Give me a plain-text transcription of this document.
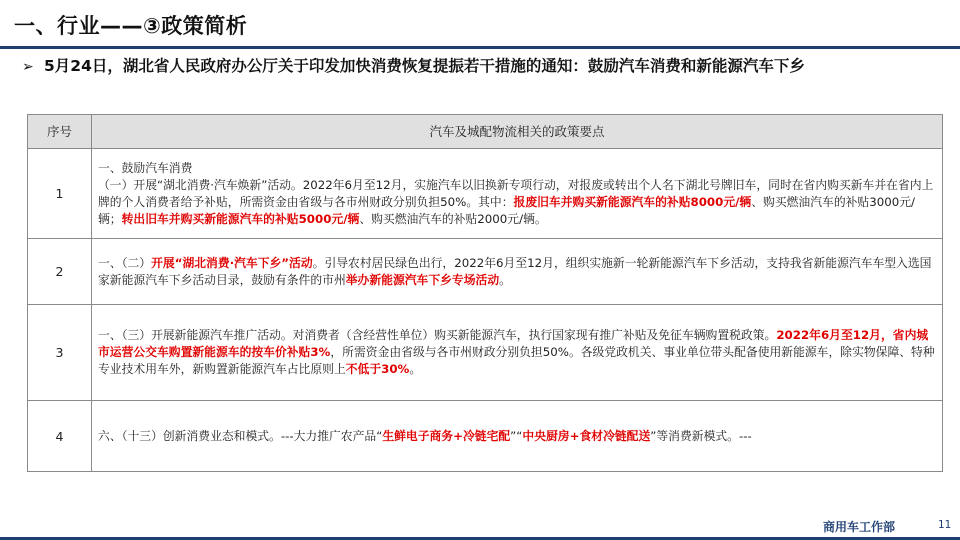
一、行业——③政策简析
➢ 5月24日，湖北省人民政府办公厅关于印发加快消费恢复提振若干措施的通知：鼓励汽车消费和新能源汽车下乡
序号	汽车及城配物流相关的政策要点
1	一、鼓励汽车消费
（一）开展“湖北消费·汽车焕新”活动。2022年6月至12月，实施汽车以旧换新专项行动，对报废或转出个人名下湖北号牌旧车，同时在省内购买新车并在省内上牌的个人消费者给予补贴，所需资金由省级与各市州财政分别负担50%。其中：报废旧车并购买新能源汽车的补贴8000元/辆、购买燃油汽车的补贴3000元/辆；转出旧车并购买新能源汽车的补贴5000元/辆、购买燃油汽车的补贴2000元/辆。

2	一、（二）开展“湖北消费·汽车下乡”活动。引导农村居民绿色出行，2022年6月至12月，组织实施新一轮新能源汽车下乡活动，支持我省新能源汽车车型入选国家新能源汽车下乡活动目录，鼓励有条件的市州举办新能源汽车下乡专场活动。
3	一、（三）开展新能源汽车推广活动。对消费者（含经营性单位）购买新能源汽车，执行国家现有推广补贴及免征车辆购置税政策。2022年6月至12月，省内城市运营公交车购置新能源车的按车价补贴3%，所需资金由省级与各市州财政分别负担50%。各级党政机关、事业单位带头配备使用新能源车，除实物保障、特种专业技术用车外，新购置新能源汽车占比原则上不低于30%。
4	六、（十三）创新消费业态和模式。---大力推广农产品“生鲜电子商务+冷链宅配”“中央厨房+食材冷链配送”等消费新模式。---
商用车工作部	11
